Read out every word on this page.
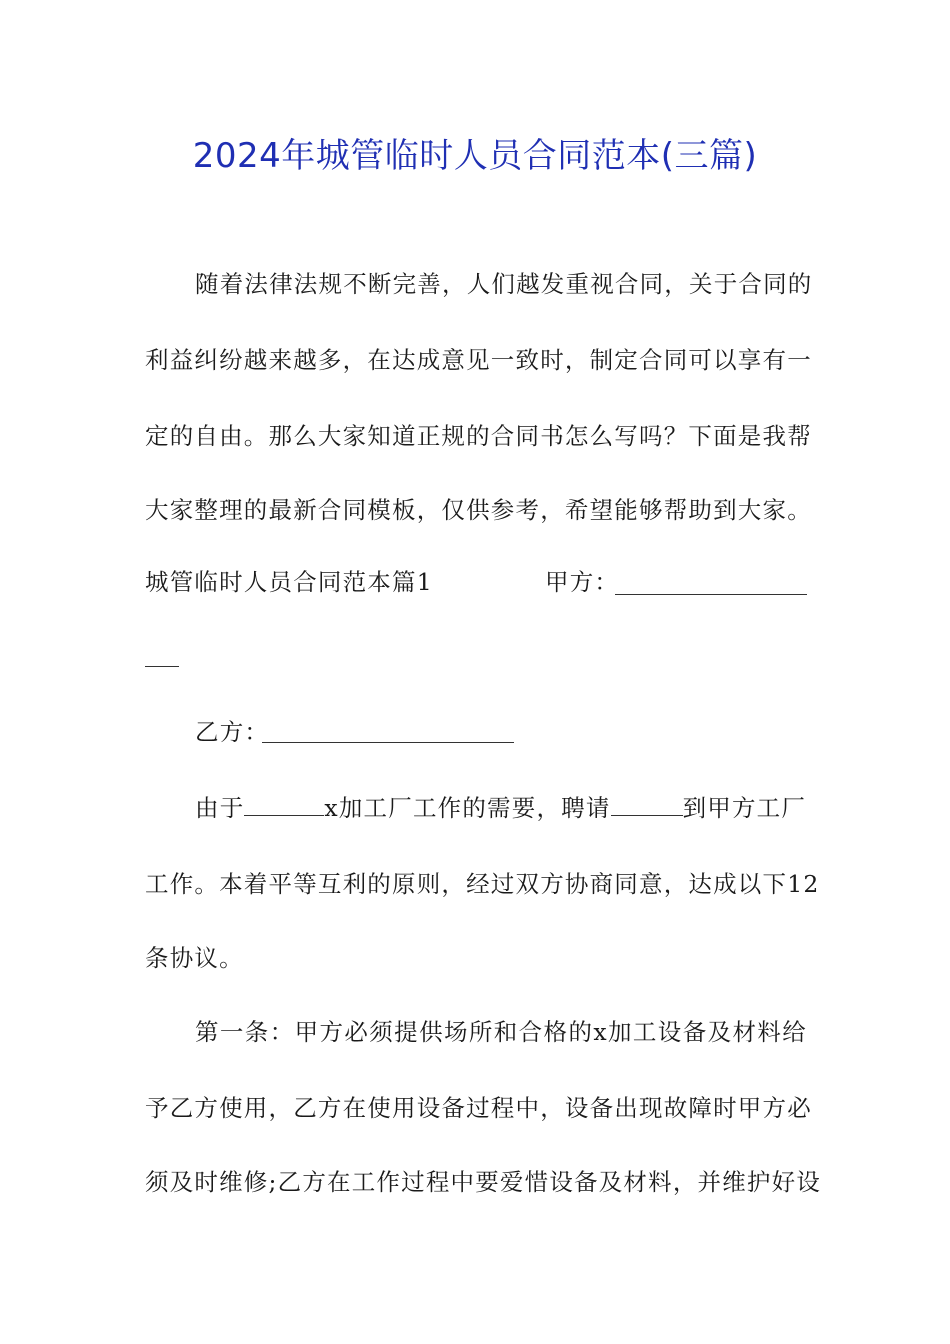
2024年城管临时人员合同范本(三篇)
随着法律法规不断完善，人们越发重视合同，关于合同的
利益纠纷越来越多，在达成意见一致时，制定合同可以享有一
定的自由。那么大家知道正规的合同书怎么写吗？下面是我帮
大家整理的最新合同模板，仅供参考，希望能够帮助到大家。
城管临时人员合同范本篇1	甲方：
乙方：
由于	x加工厂工作的需要，聘请	到甲方工厂
工作。本着平等互利的原则，经过双方协商同意，达成以下12
条协议。
第一条：甲方必须提供场所和合格的x加工设备及材料给
予乙方使用，乙方在使用设备过程中，设备出现故障时甲方必
须及时维修;乙方在工作过程中要爱惜设备及材料，并维护好设
